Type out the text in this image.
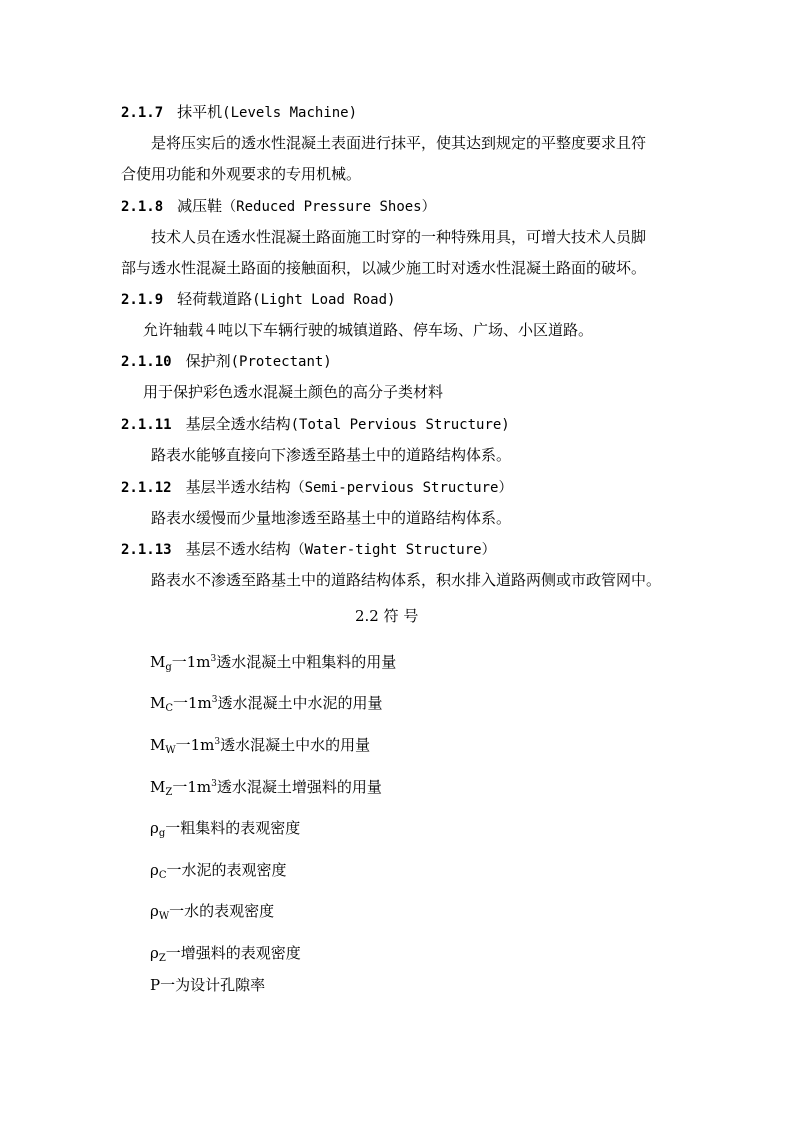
2.1.7 抹平机(Levels Machine)
是将压实后的透水性混凝土表面进行抹平，使其达到规定的平整度要求且符
合使用功能和外观要求的专用机械。
2.1.8 减压鞋（Reduced Pressure Shoes）
技术人员在透水性混凝土路面施工时穿的一种特殊用具，可增大技术人员脚
部与透水性混凝土路面的接触面积，以减少施工时对透水性混凝土路面的破坏。
2.1.9 轻荷载道路(Light Load Road)
允许轴载４吨以下车辆行驶的城镇道路、停车场、广场、小区道路。
2.1.10 保护剂(Protectant)
用于保护彩色透水混凝土颜色的高分子类材料
2.1.11 基层全透水结构(Total Pervious Structure)
路表水能够直接向下渗透至路基土中的道路结构体系。
2.1.12 基层半透水结构（Semi-pervious Structure）
路表水缓慢而少量地渗透至路基土中的道路结构体系。
2.1.13 基层不透水结构（Water-tight Structure）
路表水不渗透至路基土中的道路结构体系，积水排入道路两侧或市政管网中。
2.2 符 号
$M_g$一$1m^3$透水混凝土中粗集料的用量
$M_C$一$1m^3$透水混凝土中水泥的用量
$M_W$一$1m^3$透水混凝土中水的用量
$M_Z$一$1m^3$透水混凝土增强料的用量
$\rho_g$一粗集料的表观密度
$\rho_C$一水泥的表观密度
$\rho_W$一水的表观密度
$\rho_Z$一增强料的表观密度
P一为设计孔隙率
